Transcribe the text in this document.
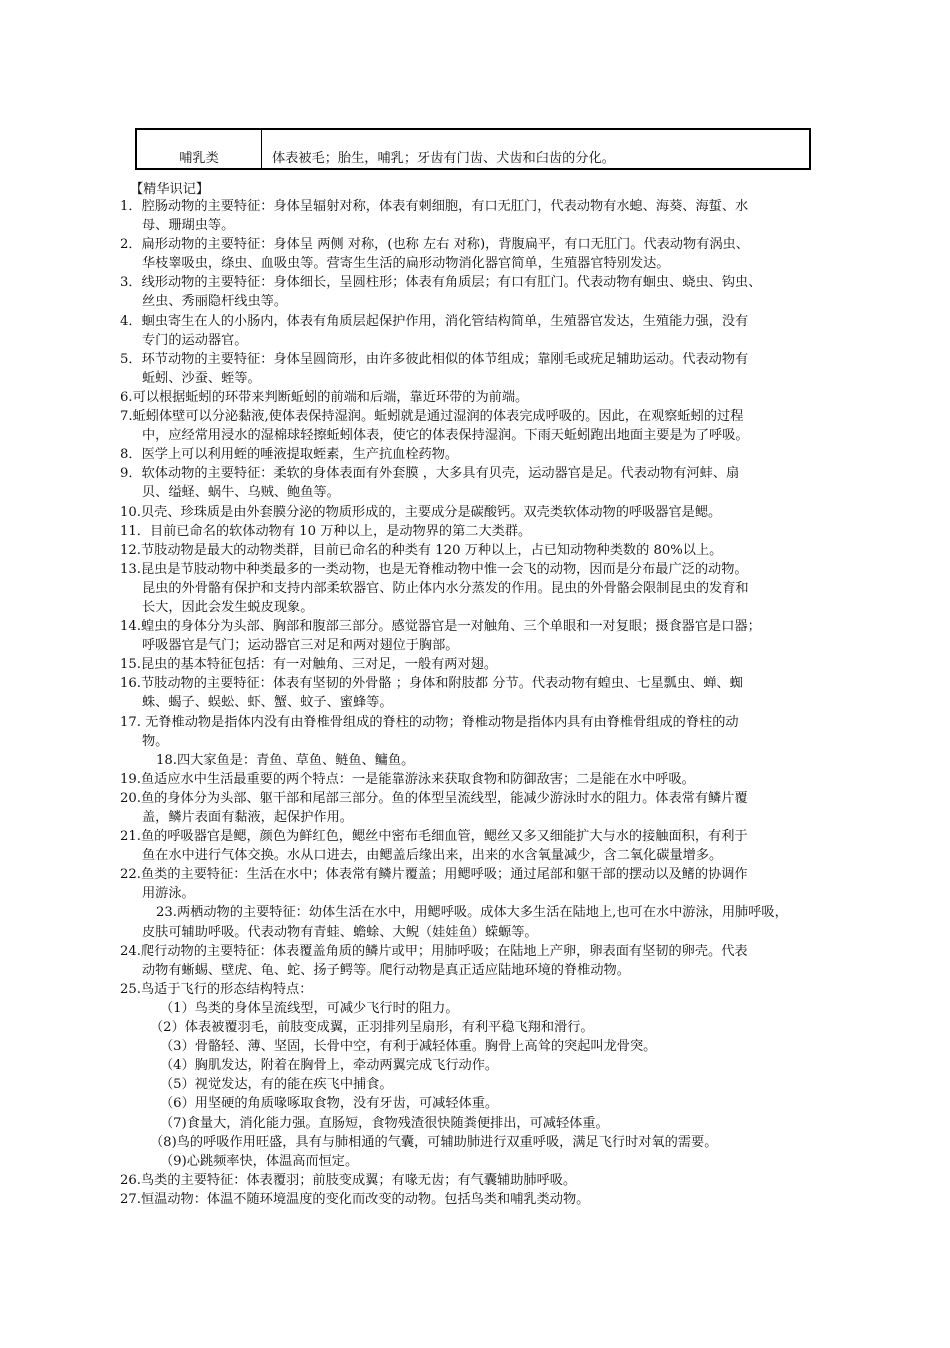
哺乳类	体表被毛；胎生，哺乳；牙齿有门齿、犬齿和臼齿的分化。
【精华识记】
1．腔肠动物的主要特征：身体呈辐射对称，体表有刺细胞，有口无肛门，代表动物有水螅、海葵、海蜇、水
母、珊瑚虫等。
2．扁形动物的主要特征：身体呈 两侧 对称，(也称 左右 对称)，背腹扁平，有口无肛门。代表动物有涡虫、
华枝睾吸虫，绦虫、血吸虫等。营寄生生活的扁形动物消化器官简单，生殖器官特别发达。
3．线形动物的主要特征：身体细长，呈圆柱形；体表有角质层；有口有肛门。代表动物有蛔虫、蛲虫、钩虫、
丝虫、秀丽隐杆线虫等。
4．蛔虫寄生在人的小肠内，体表有角质层起保护作用，消化管结构简单，生殖器官发达，生殖能力强，没有
专门的运动器官。
5．环节动物的主要特征：身体呈圆筒形，由许多彼此相似的体节组成；靠刚毛或疣足辅助运动。代表动物有
蚯蚓、沙蚕、蛭等。
6.可以根据蚯蚓的环带来判断蚯蚓的前端和后端，靠近环带的为前端。
7.蚯蚓体壁可以分泌黏液,使体表保持湿润。蚯蚓就是通过湿润的体表完成呼吸的。因此，在观察蚯蚓的过程
中，应经常用浸水的湿棉球轻擦蚯蚓体表，使它的体表保持湿润。下雨天蚯蚓跑出地面主要是为了呼吸。
8．医学上可以利用蛭的唾液提取蛭素，生产抗血栓药物。
9．软体动物的主要特征：柔软的身体表面有外套膜 ，大多具有贝壳，运动器官是足。代表动物有河蚌、扇
贝、缢蛏、蜗牛、乌贼、鲍鱼等。
10.贝壳、珍珠质是由外套膜分泌的物质形成的，主要成分是碳酸钙。双壳类软体动物的呼吸器官是鳃。
11．目前已命名的软体动物有 10 万种以上，是动物界的第二大类群。
12.节肢动物是最大的动物类群，目前已命名的种类有 120 万种以上，占已知动物种类数的 80%以上。
13.昆虫是节肢动物中种类最多的一类动物，也是无脊椎动物中惟一会飞的动物，因而是分布最广泛的动物。
昆虫的外骨骼有保护和支持内部柔软器官、防止体内水分蒸发的作用。昆虫的外骨骼会限制昆虫的发育和
长大，因此会发生蜕皮现象。
14.蝗虫的身体分为头部、胸部和腹部三部分。感觉器官是一对触角、三个单眼和一对复眼；摄食器官是口器；
呼吸器官是气门；运动器官三对足和两对翅位于胸部。
15.昆虫的基本特征包括：有一对触角、三对足，一般有两对翅。
16.节肢动物的主要特征：体表有坚韧的外骨骼 ；身体和附肢都 分节。代表动物有蝗虫、七星瓢虫、蝉、蜘
蛛、蝎子、蜈蚣、虾、蟹、蚊子、蜜蜂等。
17. 无脊椎动物是指体内没有由脊椎骨组成的脊柱的动物；脊椎动物是指体内具有由脊椎骨组成的脊柱的动
物。
18.四大家鱼是：青鱼、草鱼、鲢鱼、鳙鱼。
19.鱼适应水中生活最重要的两个特点：一是能靠游泳来获取食物和防御敌害；二是能在水中呼吸。
20.鱼的身体分为头部、躯干部和尾部三部分。鱼的体型呈流线型，能减少游泳时水的阻力。体表常有鳞片覆
盖，鳞片表面有黏液，起保护作用。
21.鱼的呼吸器官是鳃，颜色为鲜红色，鳃丝中密布毛细血管，鳃丝又多又细能扩大与水的接触面积，有利于
鱼在水中进行气体交换。水从口进去，由鳃盖后缘出来，出来的水含氧量减少，含二氧化碳量增多。
22.鱼类的主要特征：生活在水中；体表常有鳞片覆盖；用鳃呼吸；通过尾部和躯干部的摆动以及鳍的协调作
用游泳。
23.两栖动物的主要特征：幼体生活在水中，用鳃呼吸。成体大多生活在陆地上,也可在水中游泳，用肺呼吸，
皮肤可辅助呼吸。代表动物有青蛙、蟾蜍、大鲵（娃娃鱼）蝾螈等。
24.爬行动物的主要特征：体表覆盖角质的鳞片或甲；用肺呼吸；在陆地上产卵，卵表面有坚韧的卵壳。代表
动物有蜥蜴、壁虎、龟、蛇、扬子鳄等。爬行动物是真正适应陆地环境的脊椎动物。
25.鸟适于飞行的形态结构特点：
（1）鸟类的身体呈流线型，可减少飞行时的阻力。
（2）体表被覆羽毛，前肢变成翼，正羽排列呈扇形，有利平稳飞翔和滑行。
（3）骨骼轻、薄、坚固，长骨中空，有利于减轻体重。胸骨上高耸的突起叫龙骨突。
（4）胸肌发达，附着在胸骨上，牵动两翼完成飞行动作。
（5）视觉发达，有的能在疾飞中捕食。
（6）用坚硬的角质喙啄取食物，没有牙齿，可减轻体重。
（7)食量大，消化能力强。直肠短，食物残渣很快随粪便排出，可减轻体重。
（8)鸟的呼吸作用旺盛，具有与肺相通的气囊，可辅助肺进行双重呼吸，满足飞行时对氧的需要。
（9)心跳频率快，体温高而恒定。
26.鸟类的主要特征：体表覆羽；前肢变成翼；有喙无齿；有气囊辅助肺呼吸。
27.恒温动物：体温不随环境温度的变化而改变的动物。包括鸟类和哺乳类动物。
